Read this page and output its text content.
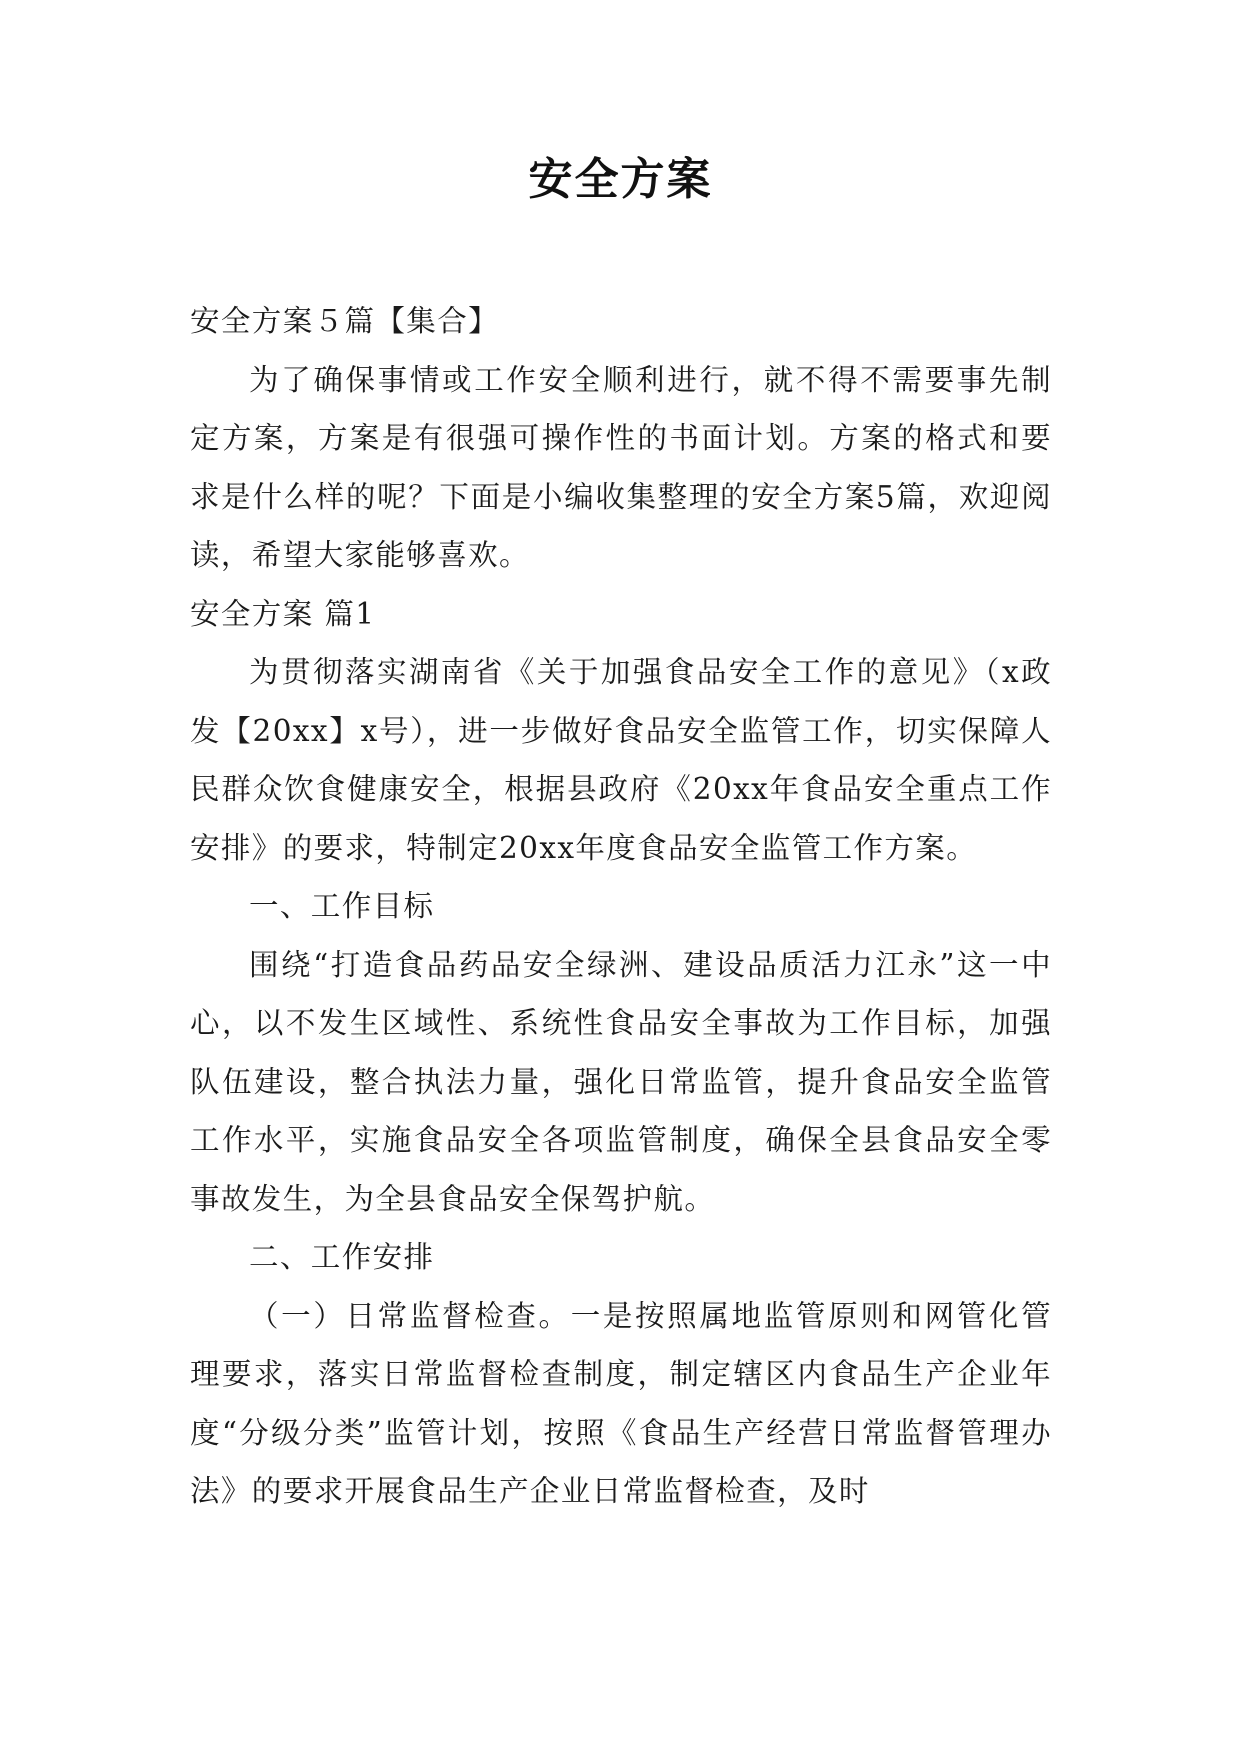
安全方案

安全方案５篇【集合】

为了确保事情或工作安全顺利进行，就不得不需要事先制定方案，方案是有很强可操作性的书面计划。方案的格式和要求是什么样的呢？下面是小编收集整理的安全方案5篇，欢迎阅读，希望大家能够喜欢。

安全方案 篇1

为贯彻落实湖南省《关于加强食品安全工作的意见》（x政发【20xx】x号），进一步做好食品安全监管工作，切实保障人民群众饮食健康安全，根据县政府《20xx年食品安全重点工作安排》的要求，特制定20xx年度食品安全监管工作方案。

一、工作目标

围绕“打造食品药品安全绿洲、建设品质活力江永”这一中心，以不发生区域性、系统性食品安全事故为工作目标，加强队伍建设，整合执法力量，强化日常监管，提升食品安全监管工作水平，实施食品安全各项监管制度，确保全县食品安全零事故发生，为全县食品安全保驾护航。

二、工作安排

（一）日常监督检查。一是按照属地监管原则和网管化管理要求，落实日常监督检查制度，制定辖区内食品生产企业年度“分级分类”监管计划，按照《食品生产经营日常监督管理办法》的要求开展食品生产企业日常监督检查，及时
